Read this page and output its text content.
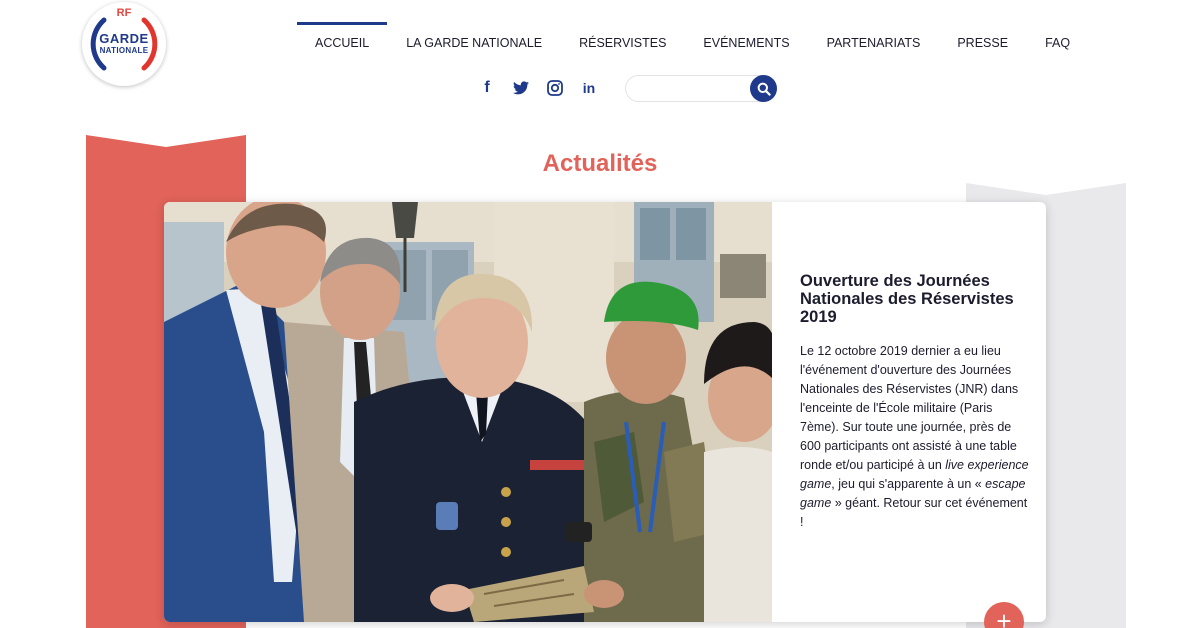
RF
GARDE
NATIONALE
ACCUEIL	LA GARDE NATIONALE	RÉSERVISTES	EVÉNEMENTS	PARTENARIATS	PRESSE	FAQ
f	in
Actualités
Ouverture des Journées Nationales des Réservistes 2019

Le 12 octobre 2019 dernier a eu lieu l'événement d'ouverture des Journées Nationales des Réservistes (JNR) dans l'enceinte de l'École militaire (Paris 7ème). Sur toute une journée, près de 600 participants ont assisté à une table ronde et/ou participé à un live experience game, jeu qui s'apparente à un « escape game » géant. Retour sur cet événement !

+
